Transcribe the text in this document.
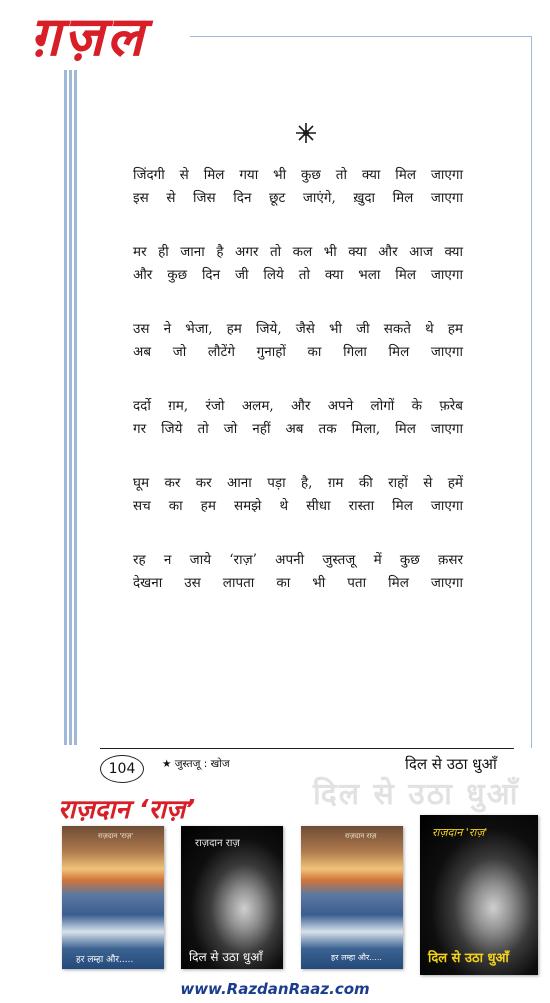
ग़ज़ल
जिंदगी से मिल गया भी कुछ तो क्या मिल जाएगा
इस से जिस दिन छूट जाएंगे, ख़ुदा मिल जाएगा
मर ही जाना है अगर तो कल भी क्या और आज क्या
और कुछ दिन जी लिये तो क्या भला मिल जाएगा
उस ने भेजा, हम जिये, जैसे भी जी सकते थे हम
अब जो लौटेंगे गुनाहों का गिला मिल जाएगा
दर्दो ग़म, रंजो अलम, और अपने लोगों के फ़रेब
गर जिये तो जो नहीं अब तक मिला, मिल जाएगा
घूम कर कर आना पड़ा है, ग़म की राहों से हमें
सच का हम समझे थे सीधा रास्ता मिल जाएगा
रह न जाये ‘राज़’ अपनी जुस्तजू में कुछ क़सर
देखना उस लापता का भी पता मिल जाएगा
104	★ जुस्तजू : खोज	दिल से उठा धुआँ
दिल से उठा धुआँ
राज़दान ‘राज़’
राज़दान 'राज़'
हर लम्हा और.....
राज़दान राज़
दिल से उठा धुआँ
राज़दान राज़
हर लम्हा और.....
राज़दान 'राज़'
दिल से उठा धुआँ
www.RazdanRaaz.com
